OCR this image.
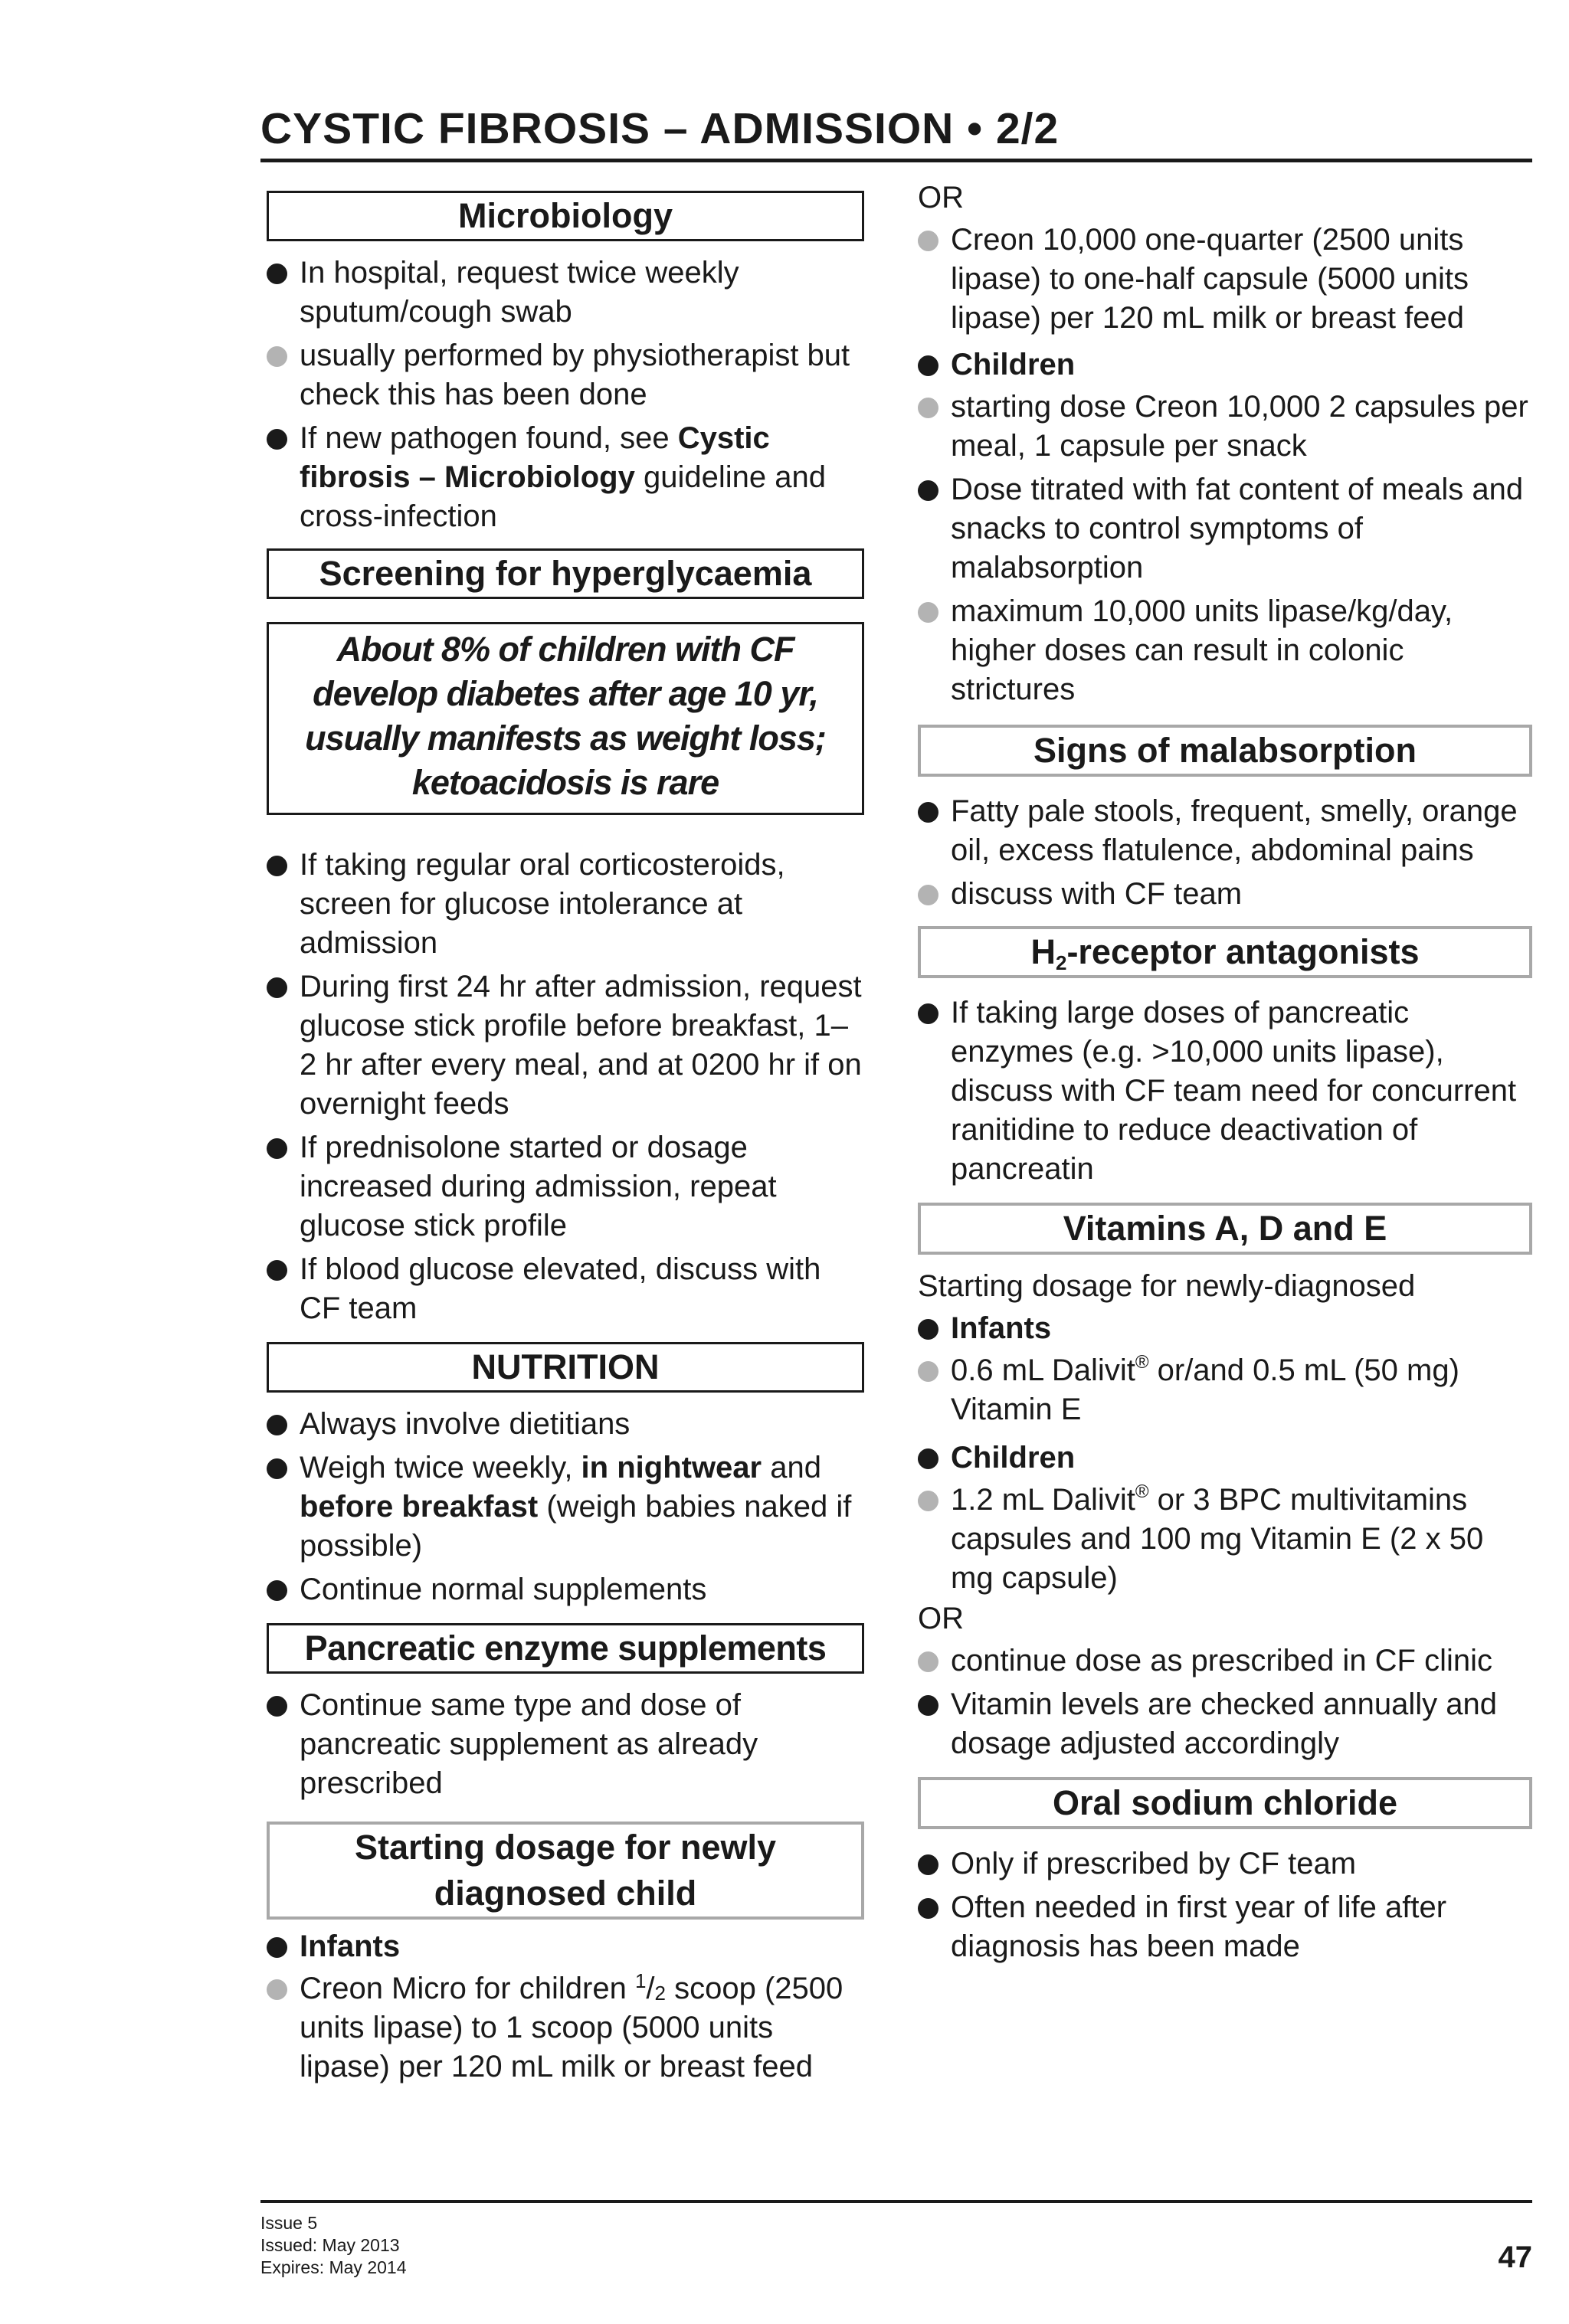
CYSTIC FIBROSIS – ADMISSION • 2/2
Microbiology
In hospital, request twice weekly sputum/cough swab
usually performed by physiotherapist but check this has been done
If new pathogen found, see Cystic fibrosis – Microbiology guideline and cross-infection
Screening for hyperglycaemia
About 8% of children with CF develop diabetes after age 10 yr, usually manifests as weight loss; ketoacidosis is rare
If taking regular oral corticosteroids, screen for glucose intolerance at admission
During first 24 hr after admission, request glucose stick profile before breakfast, 1–2 hr after every meal, and at 0200 hr if on overnight feeds
If prednisolone started or dosage increased during admission, repeat glucose stick profile
If blood glucose elevated, discuss with CF team
NUTRITION
Always involve dietitians
Weigh twice weekly, in nightwear and before breakfast (weigh babies naked if possible)
Continue normal supplements
Pancreatic enzyme supplements
Continue same type and dose of pancreatic supplement as already prescribed
Starting dosage for newly diagnosed child
Infants
Creon Micro for children $^1$/2 scoop (2500 units lipase) to 1 scoop (5000 units lipase) per 120 mL milk or breast feed
OR
Creon 10,000 one-quarter (2500 units lipase) to one-half capsule (5000 units lipase) per 120 mL milk or breast feed
Children
starting dose Creon 10,000 2 capsules per meal, 1 capsule per snack
Dose titrated with fat content of meals and snacks to control symptoms of malabsorption
maximum 10,000 units lipase/kg/day, higher doses can result in colonic strictures
Signs of malabsorption
Fatty pale stools, frequent, smelly, orange oil, excess flatulence, abdominal pains
discuss with CF team
$H_2$-receptor antagonists
If taking large doses of pancreatic enzymes (e.g. >10,000 units lipase), discuss with CF team need for concurrent ranitidine to reduce deactivation of pancreatin
Vitamins A, D and E
Starting dosage for newly-diagnosed
Infants
0.6 mL Dalivit® or/and 0.5 mL (50 mg) Vitamin E
Children
1.2 mL Dalivit® or 3 BPC multivitamins capsules and 100 mg Vitamin E (2 x 50 mg capsule)
OR
continue dose as prescribed in CF clinic
Vitamin levels are checked annually and dosage adjusted accordingly
Oral sodium chloride
Only if prescribed by CF team
Often needed in first year of life after diagnosis has been made
Issue 5
Issued: May 2013
Expires: May 2014	47
